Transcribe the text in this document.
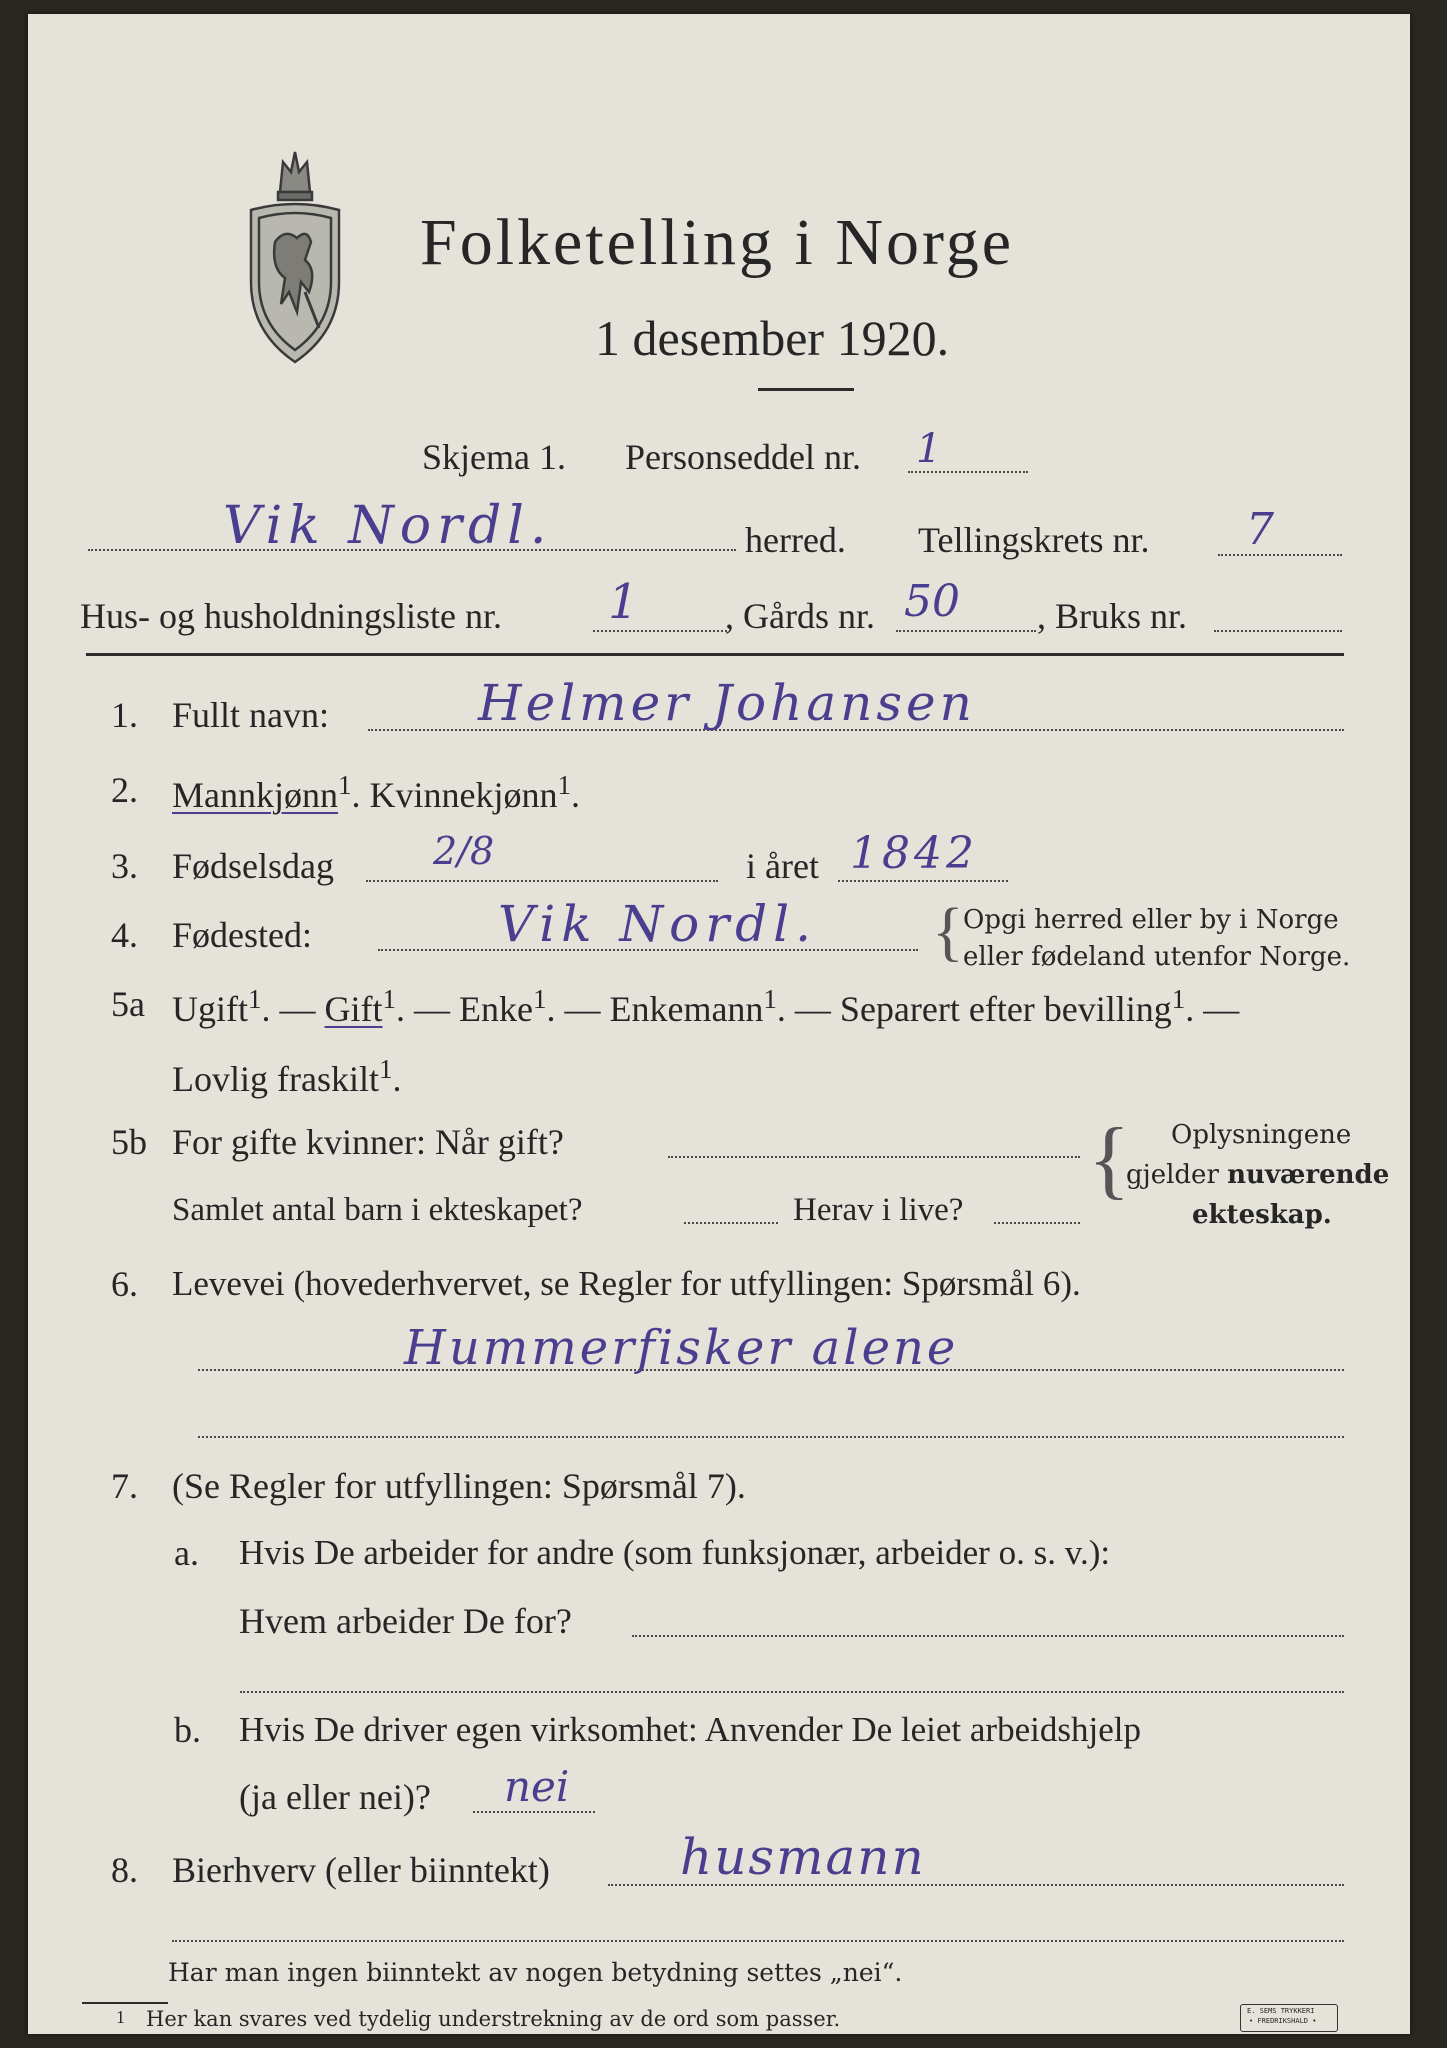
Folketelling i Norge
1 desember 1920.
Skjema 1. Personseddel nr. 1
Vik Nordl.	herred. Tellingskrets nr. 7
Hus- og husholdningsliste nr. 1 , Gårds nr. 50 , Bruks nr.
1. Fullt navn:	Helmer Johansen
2. Mannkjønn$^1$. Kvinnekjønn$^1$.
3. Fødselsdag	2/8	i året 1842
4. Fødested:	Vik Nordl. { Opgi herred eller by i Norge
eller fødeland utenfor Norge.
5a Ugift$^1$. — Gift$^1$. — Enke$^1$. — Enkemann$^1$. — Separert efter bevilling$^1$. —
Lovlig fraskilt$^1$.
5b For gifte kvinner: Når gift?
Samlet antal barn i ekteskapet?	Herav i live?
{ Oplysningene
gjelder nuværende
ekteskap.
6. Levevei (hovederhvervet, se Regler for utfyllingen: Spørsmål 6).
Hummerfisker alene
7. (Se Regler for utfyllingen: Spørsmål 7).
a. Hvis De arbeider for andre (som funksjonær, arbeider o. s. v.):
Hvem arbeider De for?
b. Hvis De driver egen virksomhet: Anvender De leiet arbeidshjelp
(ja eller nei)? nei
8. Bierhverv (eller biinntekt)	husmann
Har man ingen biinntekt av nogen betydning settes „nei“.
1 Her kan svares ved tydelig understrekning av de ord som passer.	E. SEMS TRYKKERI
• FREDRIKSHALD •
